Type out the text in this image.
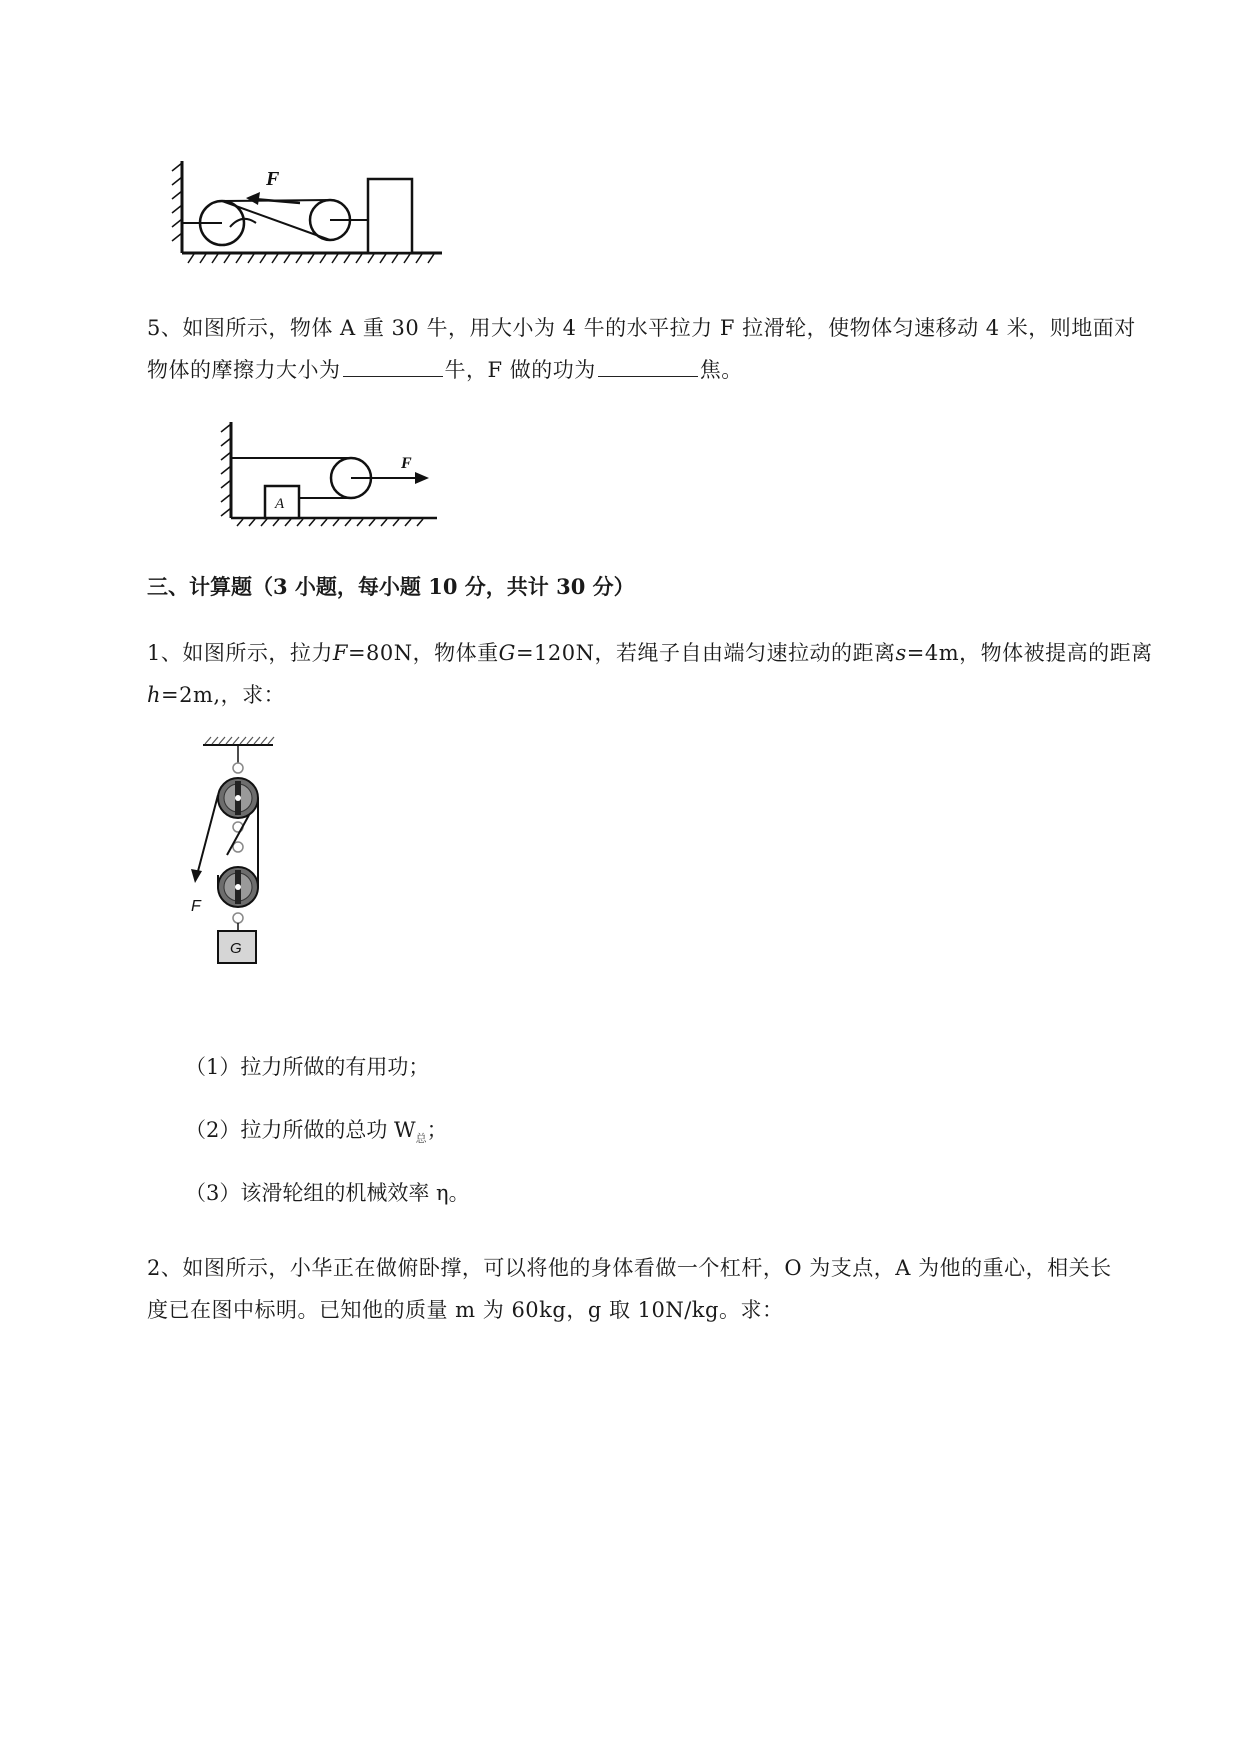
F
5、如图所示，物体 A 重 30 牛，用大小为 4 牛的水平拉力 F 拉滑轮，使物体匀速移动 4 米，则地面对
物体的摩擦力大小为	牛，F 做的功为	焦。
A
F
三、计算题（3 小题，每小题 10 分，共计 30 分）
1、如图所示，拉力F=80N，物体重G=120N，若绳子自由端匀速拉动的距离s=4m，物体被提高的距离
h=2m,，求：
F
G
（1）拉力所做的有用功；
（2）拉力所做的总功 $W_总$；
（3）该滑轮组的机械效率 η。
2、如图所示，小华正在做俯卧撑，可以将他的身体看做一个杠杆，O 为支点，A 为他的重心，相关长
度已在图中标明。已知他的质量 m 为 60kg，g 取 10N/kg。求：
